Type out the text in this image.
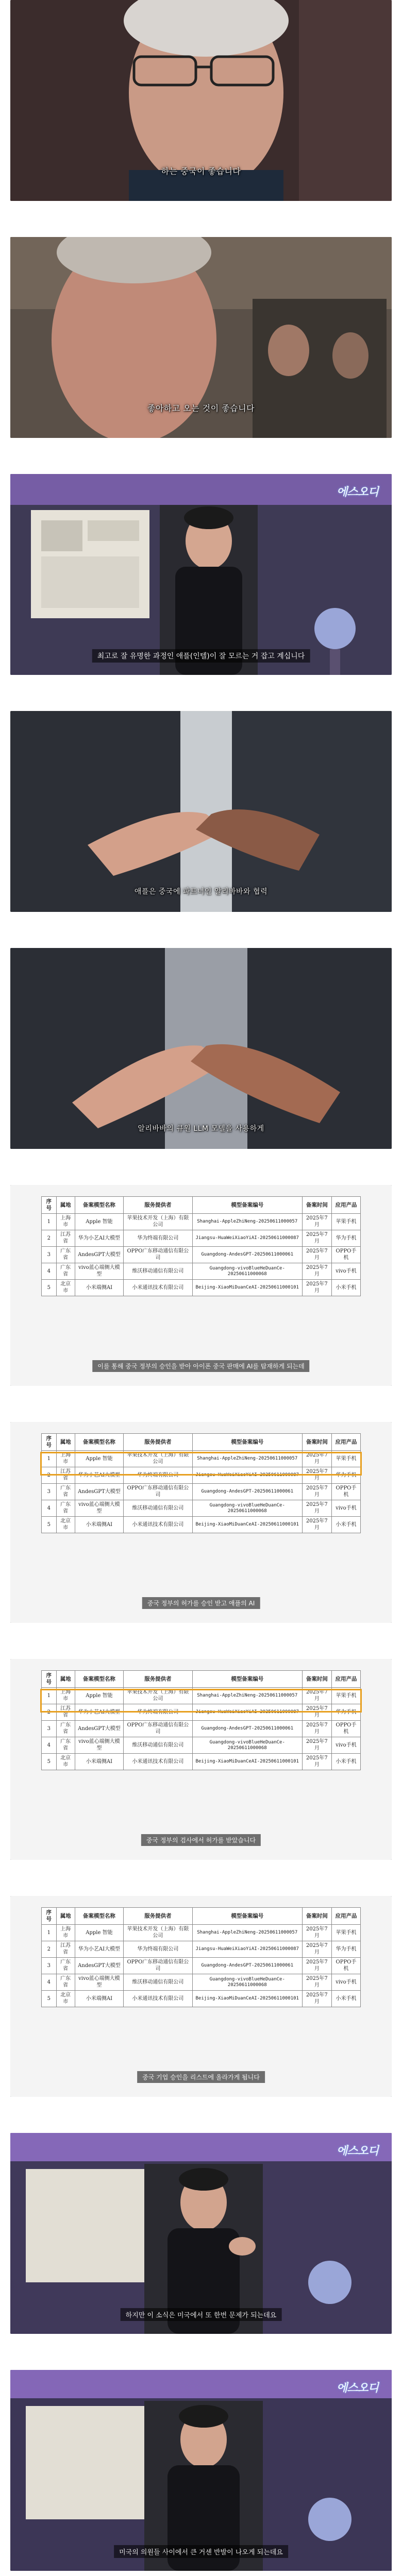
하는 중국이 좋습니다
좋아하고 오는 것이 좋습니다
에스오디
최고로 잘 유명한 과정인 애플(인텔)이 잘 모르는 거 잡고 계십니다
애플은 중국에 파트너인 알리바바와 협력
알리바바의 큐원 LLM 모델을 사용하게
序号	属地	备案模型名称	服务提供者	模型备案编号	备案时间	应用产品
1	上海市	Apple 智能	苹果技术开发（上海）有限公司	Shanghai-AppleZhiNeng-20250611000057	2025年7月	苹果手机
2	江苏省	华为小艺AI大模型	华为终端有限公司	Jiangsu-HuaWeiXiaoYiAI-20250611000087	2025年7月	华为手机
3	广东省	AndesGPT大模型	OPPO广东移动通信有限公司	Guangdong-AndesGPT-20250611000061	2025年7月	OPPO手机
4	广东省	vivo蓝心端侧大模型	维沃移动通信有限公司	Guangdong-vivoBlueHeDuanCe-20250611000068	2025年7月	vivo手机
5	北京市	小米端侧AI	小米通讯技术有限公司	Beijing-XiaoMiDuanCeAI-20250611000101	2025年7月	小米手机
이를 통해 중국 정부의 승인을 받아 아이폰 중국 판매에 AI를 탑재하게 되는데
序号	属地	备案模型名称	服务提供者	模型备案编号	备案时间	应用产品
1	上海市	Apple 智能	苹果技术开发（上海）有限公司	Shanghai-AppleZhiNeng-20250611000057	2025年7月	苹果手机
2	江苏省	华为小艺AI大模型	华为终端有限公司	Jiangsu-HuaWeiXiaoYiAI-20250611000087	2025年7月	华为手机
3	广东省	AndesGPT大模型	OPPO广东移动通信有限公司	Guangdong-AndesGPT-20250611000061	2025年7月	OPPO手机
4	广东省	vivo蓝心端侧大模型	维沃移动通信有限公司	Guangdong-vivoBlueHeDuanCe-20250611000068	2025年7月	vivo手机
5	北京市	小米端侧AI	小米通讯技术有限公司	Beijing-XiaoMiDuanCeAI-20250611000101	2025年7月	小米手机
중국 정부의 허가를 승인 받고 애플의 AI
序号	属地	备案模型名称	服务提供者	模型备案编号	备案时间	应用产品
1	上海市	Apple 智能	苹果技术开发（上海）有限公司	Shanghai-AppleZhiNeng-20250611000057	2025年7月	苹果手机
2	江苏省	华为小艺AI大模型	华为终端有限公司	Jiangsu-HuaWeiXiaoYiAI-20250611000087	2025年7月	华为手机
3	广东省	AndesGPT大模型	OPPO广东移动通信有限公司	Guangdong-AndesGPT-20250611000061	2025年7月	OPPO手机
4	广东省	vivo蓝心端侧大模型	维沃移动通信有限公司	Guangdong-vivoBlueHeDuanCe-20250611000068	2025年7月	vivo手机
5	北京市	小米端侧AI	小米通讯技术有限公司	Beijing-XiaoMiDuanCeAI-20250611000101	2025年7月	小米手机
중국 정부의 검사에서 허가를 받았습니다
序号	属地	备案模型名称	服务提供者	模型备案编号	备案时间	应用产品
1	上海市	Apple 智能	苹果技术开发（上海）有限公司	Shanghai-AppleZhiNeng-20250611000057	2025年7月	苹果手机
2	江苏省	华为小艺AI大模型	华为终端有限公司	Jiangsu-HuaWeiXiaoYiAI-20250611000087	2025年7月	华为手机
3	广东省	AndesGPT大模型	OPPO广东移动通信有限公司	Guangdong-AndesGPT-20250611000061	2025年7月	OPPO手机
4	广东省	vivo蓝心端侧大模型	维沃移动通信有限公司	Guangdong-vivoBlueHeDuanCe-20250611000068	2025年7月	vivo手机
5	北京市	小米端侧AI	小米通讯技术有限公司	Beijing-XiaoMiDuanCeAI-20250611000101	2025年7月	小米手机
중국 기업 승인을 리스트에 올라가게 됩니다
에스오디
하지만 이 소식은 미국에서 또 한번 문제가 되는데요
에스오디
미국의 의원들 사이에서 큰 거센 반발이 나오게 되는데요
